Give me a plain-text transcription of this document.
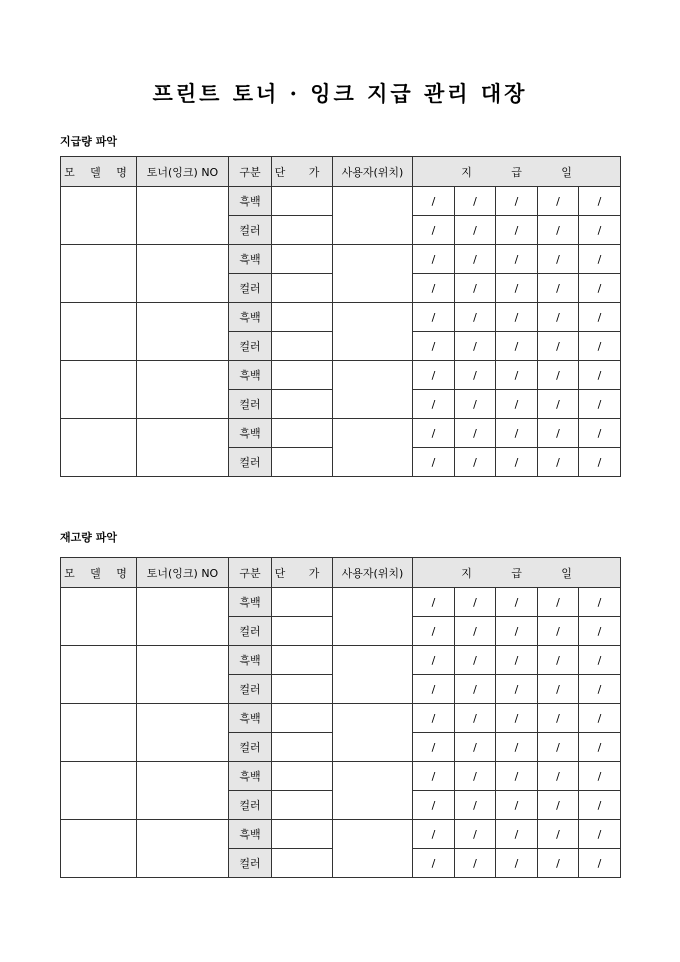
프린트 토너 · 잉크 지급 관리 대장
지급량 파악
모 델 명	토너(잉크) NO	구분	단 가	사용자(위치)	지 급 일				
		흑백			/	/	/	/	/
		컬러			/	/	/	/	/
		흑백			/	/	/	/	/
		컬러			/	/	/	/	/
		흑백			/	/	/	/	/
		컬러			/	/	/	/	/
		흑백			/	/	/	/	/
		컬러			/	/	/	/	/
		흑백			/	/	/	/	/
		컬러			/	/	/	/	/
재고량 파악
모 델 명	토너(잉크) NO	구분	단 가	사용자(위치)	지 급 일				
		흑백			/	/	/	/	/
		컬러			/	/	/	/	/
		흑백			/	/	/	/	/
		컬러			/	/	/	/	/
		흑백			/	/	/	/	/
		컬러			/	/	/	/	/
		흑백			/	/	/	/	/
		컬러			/	/	/	/	/
		흑백			/	/	/	/	/
		컬러			/	/	/	/	/
